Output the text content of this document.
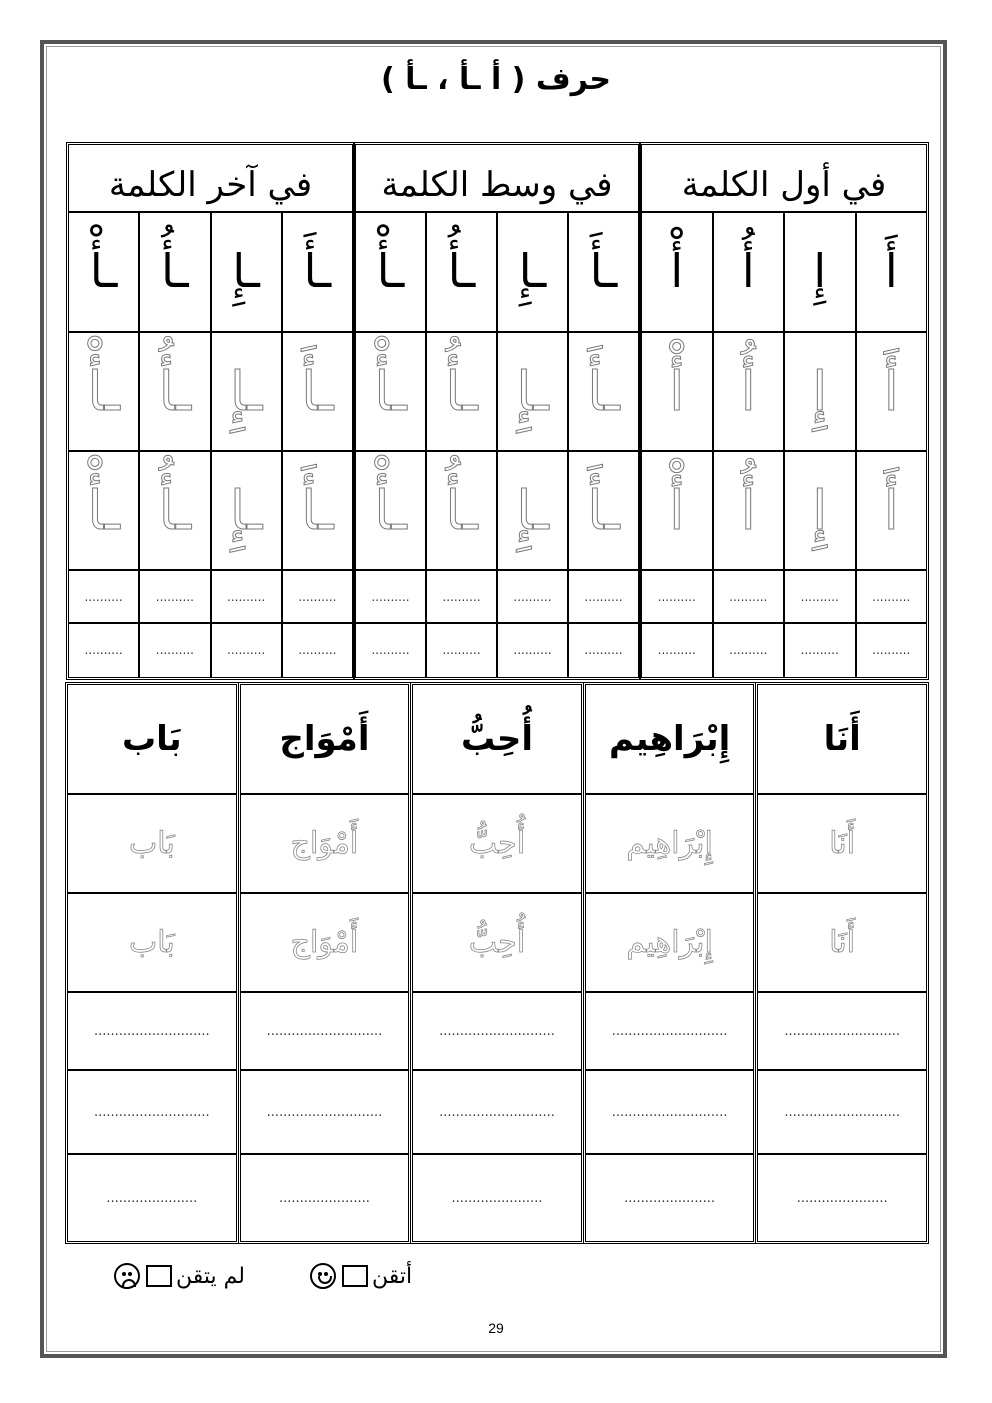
حرف ( أ ـأ ، ـأ )
في أول الكلمة
أَ
أَ
أَ
..........
..........
إِ
إِ
إِ
..........
..........
أُ
أُ
أُ
..........
..........
أْ
أْ
أْ
..........
..........
في وسط الكلمة
ـأَ
ـأَ
ـأَ
..........
..........
ـإِ
ـإِ
ـإِ
..........
..........
ـأُ
ـأُ
ـأُ
..........
..........
ـأْ
ـأْ
ـأْ
..........
..........
في آخر الكلمة
ـأَ
ـأَ
ـأَ
..........
..........
ـإِ
ـإِ
ـإِ
..........
..........
ـأُ
ـأُ
ـأُ
..........
..........
ـأْ
ـأْ
ـأْ
..........
..........
أَنَا
أَنَا
أَنَا
............................
............................
......................
إِبْرَاهِيم
إِبْرَاهِيم
إِبْرَاهِيم
............................
............................
......................
أُحِبُّ
أُحِبُّ
أُحِبُّ
............................
............................
......................
أَمْوَاج
أَمْوَاج
أَمْوَاج
............................
............................
......................
بَاب
بَاب
بَاب
............................
............................
......................
أتقن
لم يتقن
29
